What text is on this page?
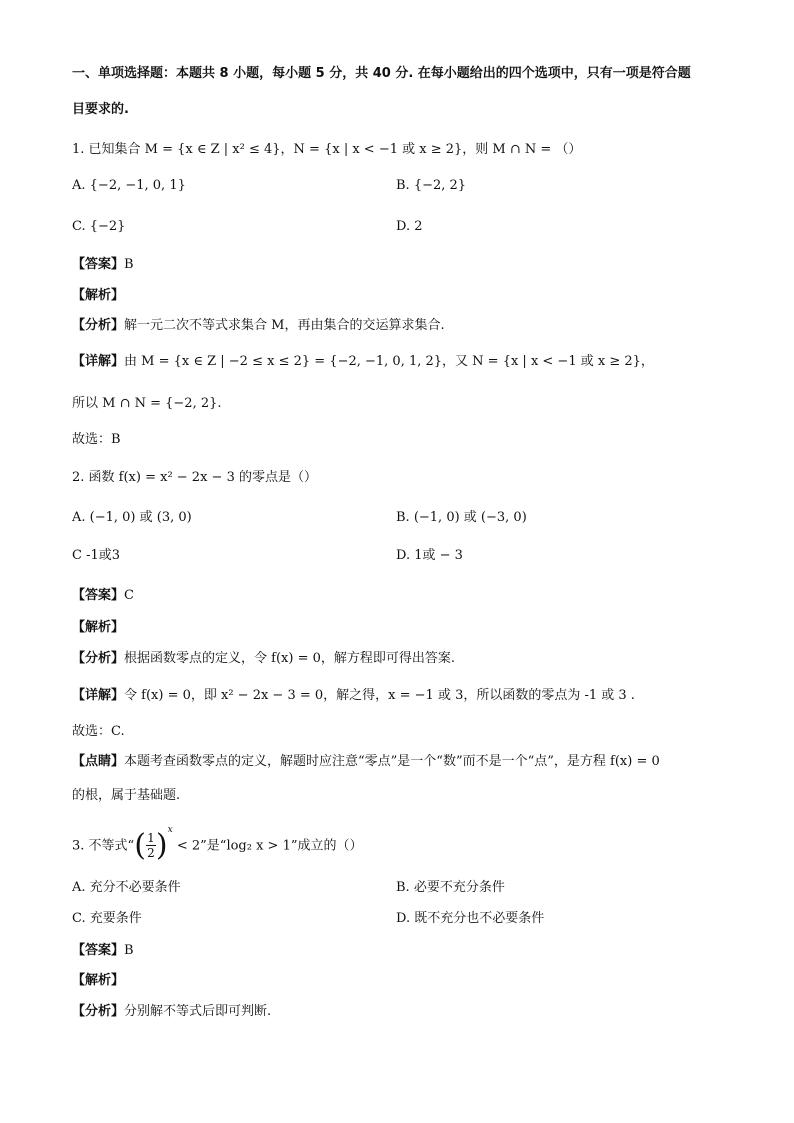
一、单项选择题：本题共 8 小题，每小题 5 分，共 40 分. 在每小题给出的四个选项中，只有一项是符合题
目要求的.
1. 已知集合 M = {x ∈ Z | x² ≤ 4}，N = {x | x < −1 或 x ≥ 2}，则 M ∩ N = （）
A. {−2, −1, 0, 1}	B. {−2, 2}
C. {−2}	D. 2
【答案】B
【解析】
【分析】解一元二次不等式求集合 M，再由集合的交运算求集合.
【详解】由 M = {x ∈ Z | −2 ≤ x ≤ 2} = {−2, −1, 0, 1, 2}，又 N = {x | x < −1 或 x ≥ 2}，
所以 M ∩ N = {−2, 2}.
故选：B
2. 函数 f(x) = x² − 2x − 3 的零点是（）
A. (−1, 0) 或 (3, 0)	B. (−1, 0) 或 (−3, 0)
C -1或3	D. 1或 − 3
【答案】C
【解析】
【分析】根据函数零点的定义，令 f(x) = 0，解方程即可得出答案.
【详解】令 f(x) = 0，即 x² − 2x − 3 = 0，解之得，x = −1 或 3，所以函数的零点为 -1 或 3 .
故选：C.
【点睛】本题考查函数零点的定义，解题时应注意“零点”是一个“数”而不是一个“点”，是方程 f(x) = 0
的根，属于基础题.
3. 不等式“( $\frac{1}{2} )^x < 2$”是“log₂ x > 1”成立的（）
A. 充分不必要条件	B. 必要不充分条件
C. 充要条件	D. 既不充分也不必要条件
【答案】B
【解析】
【分析】分别解不等式后即可判断.
